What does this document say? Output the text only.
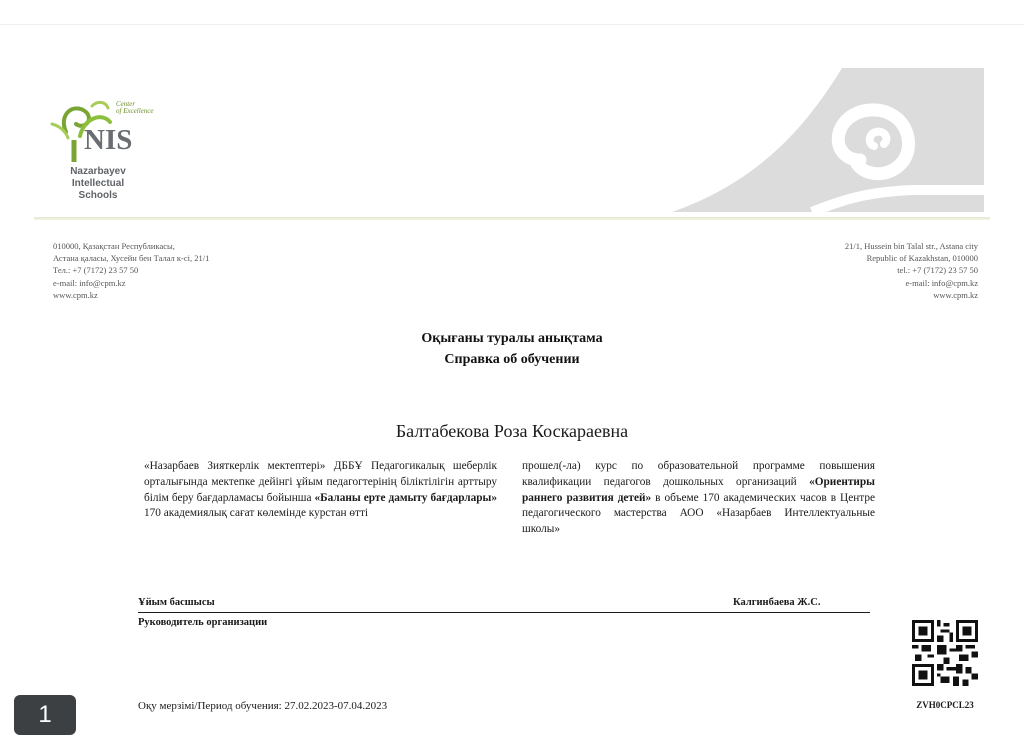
Center
of Excellence
NIS
Nazarbayev
Intellectual
Schools
010000, Қазақстан Республикасы,
Астана қаласы, Хусейн бен Талал к-сі, 21/1
Тел.: +7 (7172) 23 57 50
e-mail: info@cpm.kz
www.cpm.kz
21/1, Hussein bin Talal str., Astana city
Republic of Kazakhstan, 010000
tel.: +7 (7172) 23 57 50
e-mail: info@cpm.kz
www.cpm.kz
Оқығаны туралы анықтама
Справка об обучении
Балтабекова Роза Коскараевна
«Назарбаев Зияткерлік мектептері» ДББҰ Педагогикалық шеберлік орталығында мектепке дейінгі ұйым педагогтерінің біліктілігін арттыру білім беру бағдарламасы бойынша «Баланы ерте дамыту бағдарлары» 170 академиялық сағат көлемінде курстан өтті
прошел(-ла) курс по образовательной программе повышения квалификации педагогов дошкольных организаций «Ориентиры раннего развития детей» в объеме 170 академических часов в Центре педагогического мастерства АОО «Назарбаев Интеллектуальные школы»
Ұйым басшысы	Калгинбаева Ж.С.
Руководитель организации
Оқу мерзімі/Период обучения: 27.02.2023-07.04.2023	ZVH0CPCL23
1
